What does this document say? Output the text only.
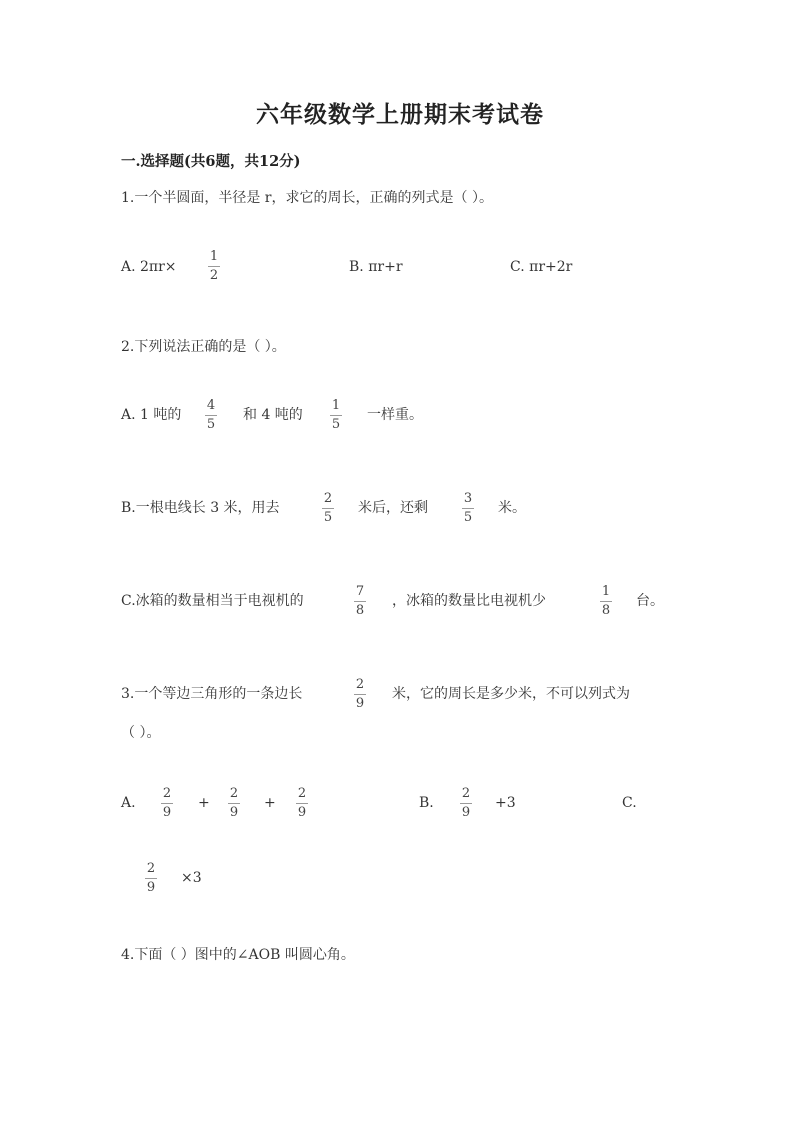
六年级数学上册期末考试卷
一.选择题(共6题，共12分)
1.一个半圆面，半径是 r，求它的周长，正确的列式是（ ）。
A. 2πr×
1
2
B. πr+r	C. πr+2r
2.下列说法正确的是（ ）。
A. 1 吨的
4
5
和 4 吨的
1
5
一样重。
B.一根电线长 3 米，用去
2
5
米后，还剩
3
5
米。
C.冰箱的数量相当于电视机的
7
8
，冰箱的数量比电视机少
1
8
台。
3.一个等边三角形的一条边长
2
9
米，它的周长是多少米，不可以列式为
（ ）。
A.
2
9
+
2
9
+
2
9
B.
2
9
+3	C.
2
9
×3
4.下面（ ）图中的∠AOB 叫圆心角。
